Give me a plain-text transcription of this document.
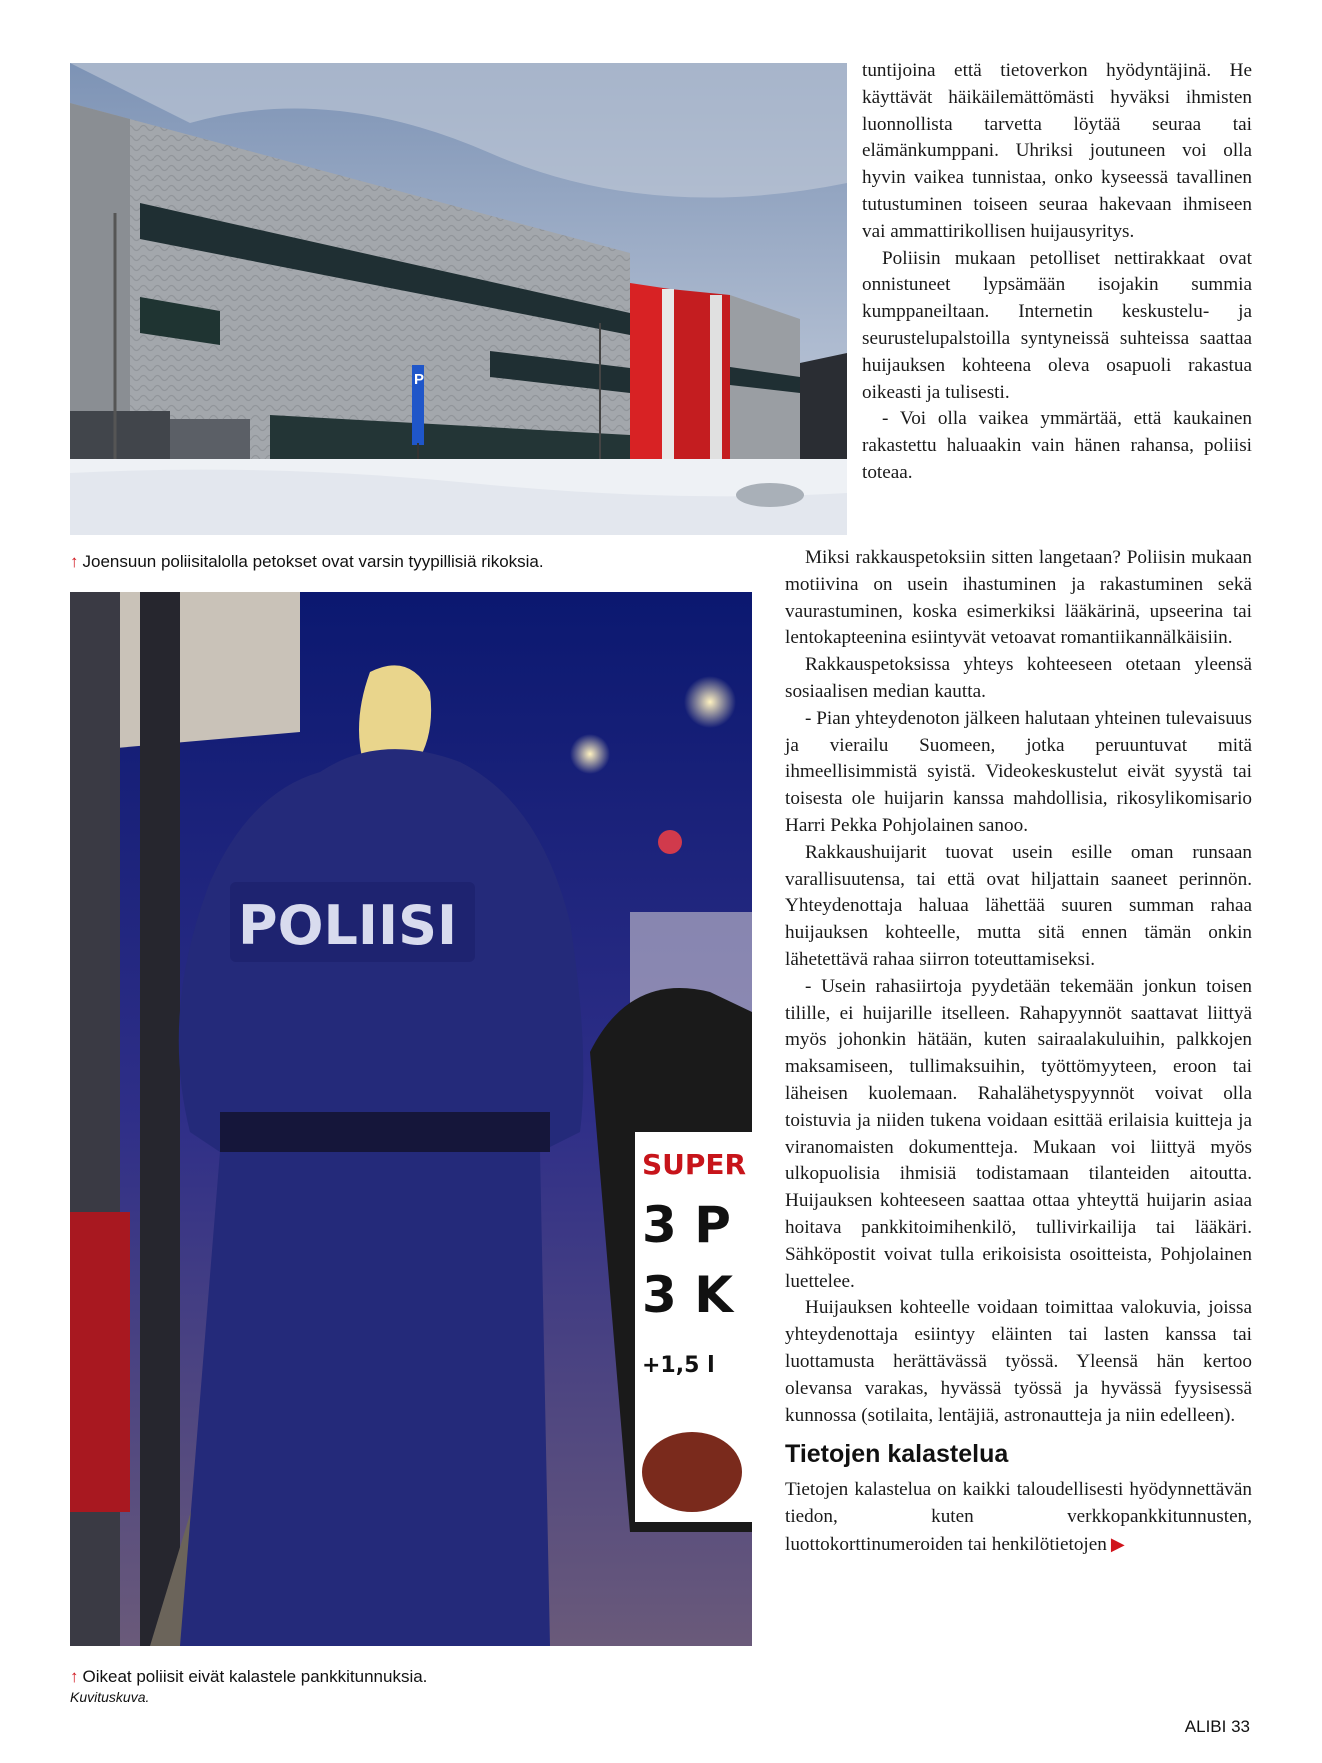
P
↑ Joensuun poliisitalolla petokset ovat varsin tyypillisiä rikoksia.
POLIISI
SUPER
3 P
3 K
+1,5 l
↑ Oikeat poliisit eivät kalastele pankkitunnuksia.
Kuvituskuva.

tuntijoina että tietoverkon hyödyntäjinä. He käyttävät häikäilemättömästi hyväksi ihmisten luonnollista tarvetta löytää seuraa tai elämänkumppani. Uhriksi joutuneen voi olla hyvin vaikea tunnistaa, onko kyseessä tavallinen tutustuminen toiseen seuraa hakevaan ihmiseen vai ammattirikollisen huijausyritys.

Poliisin mukaan petolliset nettirakkaat ovat onnistuneet lypsämään isojakin summia kumppaneiltaan. Internetin keskustelu- ja seurustelupalstoilla syntyneissä suhteissa saattaa huijauksen kohteena oleva osapuoli rakastua oikeasti ja tulisesti.

- Voi olla vaikea ymmärtää, että kaukainen rakastettu haluaakin vain hänen rahansa, poliisi toteaa.

Miksi rakkauspetoksiin sitten langetaan? Poliisin mukaan motiivina on usein ihastuminen ja rakastuminen sekä vaurastuminen, koska esimerkiksi lääkärinä, upseerina tai lentokapteenina esiintyvät vetoavat romantiikannälkäisiin.

Rakkauspetoksissa yhteys kohteeseen otetaan yleensä sosiaalisen median kautta.

- Pian yhteydenoton jälkeen halutaan yhteinen tulevaisuus ja vierailu Suomeen, jotka peruuntuvat mitä ihmeellisimmistä syistä. Videokeskustelut eivät syystä tai toisesta ole huijarin kanssa mahdollisia, rikosylikomisario Harri Pekka Pohjolainen sanoo.

Rakkaushuijarit tuovat usein esille oman runsaan varallisuutensa, tai että ovat hiljattain saaneet perinnön. Yhteydenottaja haluaa lähettää suuren summan rahaa huijauksen kohteelle, mutta sitä ennen tämän onkin lähetettävä rahaa siirron toteuttamiseksi.

- Usein rahasiirtoja pyydetään tekemään jonkun toisen tilille, ei huijarille itselleen. Rahapyynnöt saattavat liittyä myös johonkin hätään, kuten sairaalakuluihin, palkkojen maksamiseen, tullimaksuihin, työttömyyteen, eroon tai läheisen kuolemaan. Rahalähetyspyynnöt voivat olla toistuvia ja niiden tukena voidaan esittää erilaisia kuitteja ja viranomaisten dokumentteja. Mukaan voi liittyä myös ulkopuolisia ihmisiä todistamaan tilanteiden aitoutta. Huijauksen kohteeseen saattaa ottaa yhteyttä huijarin asiaa hoitava pankkitoimihenkilö, tullivirkailija tai lääkäri. Sähköpostit voivat tulla erikoisista osoitteista, Pohjolainen luettelee.

Huijauksen kohteelle voidaan toimittaa valokuvia, joissa yhteydenottaja esiintyy eläinten tai lasten kanssa tai luottamusta herättävässä työssä. Yleensä hän kertoo olevansa varakas, hyvässä työssä ja hyvässä fyysisessä kunnossa (sotilaita, lentäjiä, astronautteja ja niin edelleen).

Tietojen kalastelua

Tietojen kalastelua on kaikki taloudellisesti hyödynnettävän tiedon, kuten verkkopankkitunnusten, luottokorttinumeroiden tai henkilötietojen ▶

ALIBI 33
